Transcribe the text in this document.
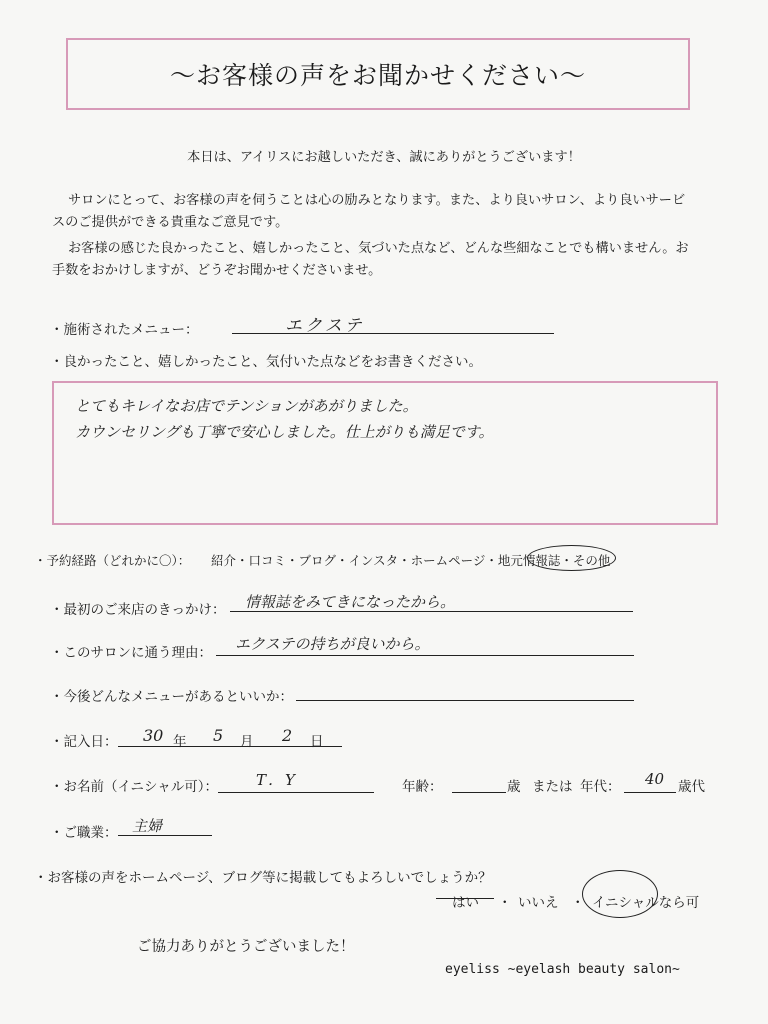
～お客様の声をお聞かせください～
本日は、アイリスにお越しいただき、誠にありがとうございます！
サロンにとって、お客様の声を伺うことは心の励みとなります。また、より良いサロン、より良いサービ
スのご提供ができる貴重なご意見です。
お客様の感じた良かったこと、嬉しかったこと、気づいた点など、どんな些細なことでも構いません。お
手数をおかけしますが、どうぞお聞かせくださいませ。
・施術されたメニュー：	エクステ
・良かったこと、嬉しかったこと、気付いた点などをお書きください。
とてもキレイなお店でテンションがあがりました。
カウンセリングも丁寧で安心しました。仕上がりも満足です。
・予約経路（どれかに〇）： 紹介・口コミ・ブログ・インスタ・ホームページ・地元情報誌・その他
・最初のご来店のきっかけ： 情報誌をみてきになったから。
・このサロンに通う理由： エクステの持ちが良いから。
・今後どんなメニューがあるといいか：
・記入日： 30 年 5 月 2 日
・お名前（イニシャル可）：	T．Y	年齢：	歳 または 年代： 40 歳代
・ご職業： 主婦
・お客様の声をホームページ、ブログ等に掲載してもよろしいでしょうか？
はい ・ いいえ ・ イニシャルなら可
ご協力ありがとうございました！
eyeliss ~eyelash beauty salon~
